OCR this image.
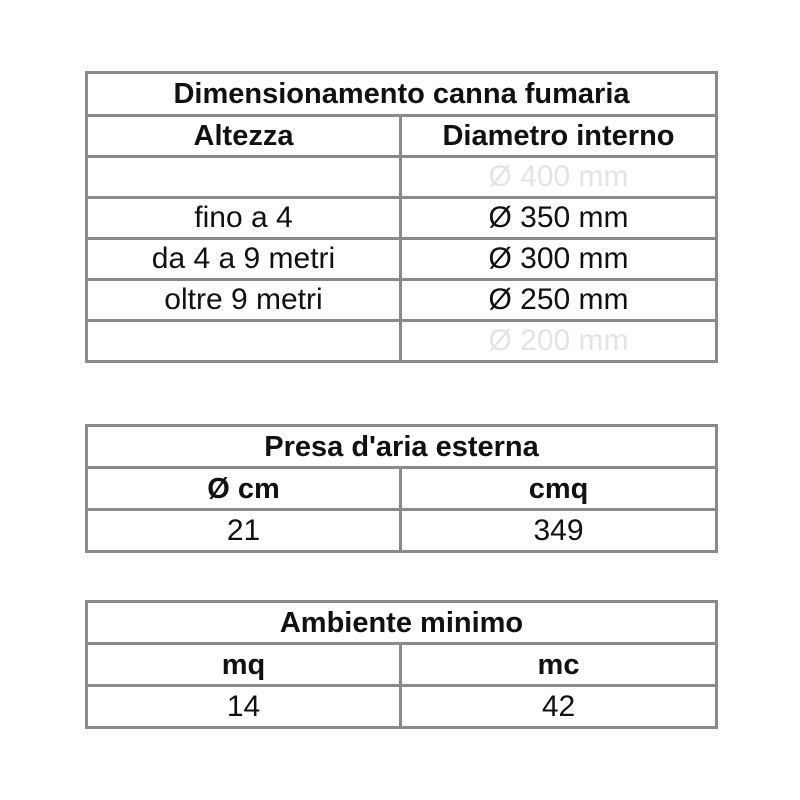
Dimensionamento canna fumaria	
Altezza	Diametro interno
	Ø 400 mm
fino a 4	Ø 350 mm
da 4 a 9 metri	Ø 300 mm
oltre 9 metri	Ø 250 mm
	Ø 200 mm
Presa d'aria esterna	
Ø cm	cmq
21	349
Ambiente minimo	
mq	mc
14	42
